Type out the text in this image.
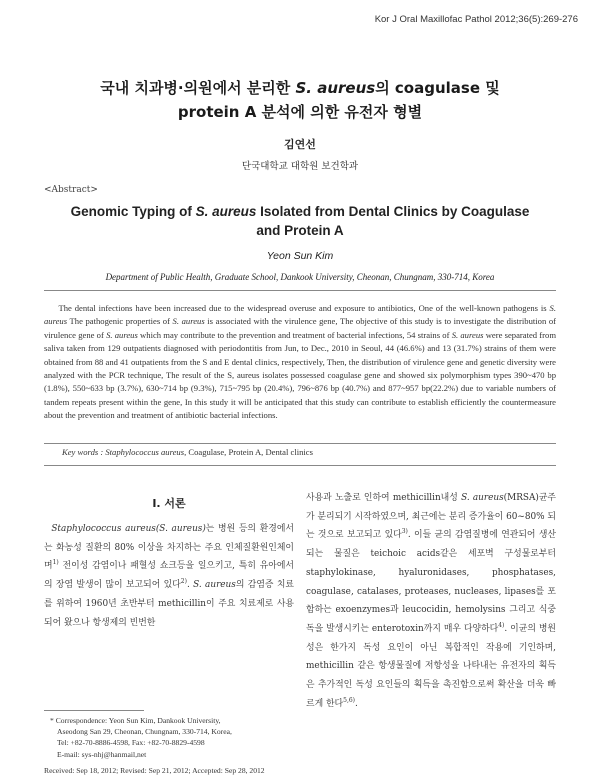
Kor J Oral Maxillofac Pathol 2012;36(5):269-276
국내 치과병·의원에서 분리한 S. aureus의 coagulase 및
protein A 분석에 의한 유전자 형별
김연선
단국대학교 대학원 보건학과
<Abstract>
Genomic Typing of S. aureus Isolated from Dental Clinics by Coagulase
and Protein A
Yeon Sun Kim
Department of Public Health, Graduate School, Dankook University, Cheonan, Chungnam, 330-714, Korea
The dental infections have been increased due to the widespread overuse and exposure to antibiotics, One of the well-known pathogens is S. aureus The pathogenic properties of S. aureus is associated with the virulence gene, The objective of this study is to investigate the distribution of virulence gene of S. aureus which may contribute to the prevention and treatment of bacterial infections, 54 strains of S. aureus were separated from saliva taken from 129 outpatients diagnosed with periodontitis from Jun, to Dec., 2010 in Seoul, 44 (46.6%) and 13 (31.7%) strains of them were obtained from 88 and 41 outpatients from the S and E dental clinics, respectively, Then, the distribution of virulence gene and genetic diversity were analyzed with the PCR technique, The result of the S, aureus isolates possessed coagulase gene and showed six polymorphism types 390~470 bp (1.8%), 550~633 bp (3.7%), 630~714 bp (9.3%), 715~795 bp (20.4%), 796~876 bp (40.7%) and 877~957 bp(22.2%) due to variable numbers of tandem repeats present within the gene, In this study it will be anticipated that this study can contribute to establish efficiently the countermeasure about the prevention and treatment of antibiotic bacterial infections.
Key words : Staphylococcus aureus, Coagulase, Protein A, Dental clinics
Ⅰ. 서론
Staphylococcus aureus(S. aureus)는 병원 등의 환경에서는 화농성 질환의 80% 이상을 차지하는 주요 인체질환원인체이며$^{1)}$ 전이성 감염이나 패혈성 쇼크등을 일으키고, 특히 유아에서의 장염 발생이 많이 보고되어 있다$^{2)}$. S. aureus의 감염증 치료를 위하여 1960년 초반부터 methicillin이 주요 치료제로 사용되어 왔으나 항생제의 빈번한
사용과 노출로 인하여 methicillin내성 S. aureus(MRSA)균주가 분리되기 시작하였으며, 최근에는 분리 증가율이 60~80% 되는 것으로 보고되고 있다$^{3)}$. 이들 균의 감염질병에 연관되어 생산되는 물질은 teichoic acids같은 세포벽 구성물로부터 staphylokinase, hyaluronidases, phosphatases, coagulase, catalases, proteases, nucleases, lipases를 포함하는 exoenzymes과 leucocidin, hemolysins 그리고 식중독을 발생시키는 enterotoxin까지 매우 다양하다$^{4)}$. 이균의 병원성은 한가지 독성 요인이 아닌 복합적인 작용에 기인하며, methicillin 같은 항생물질에 저항성을 나타내는 유전자의 획득은 추가적인 독성 요인들의 획득을 촉진함으로써 확산을 더욱 빠르게 한다$^{5,6)}$.
* Correspondence: Yeon Sun Kim, Dankook University,
Aseodong San 29, Cheonan, Chungnam, 330-714, Korea,
Tel: +82-70-8886-4598, Fax: +82-70-8829-4598
E-mail: sys-nhj@hanmail,net
Received: Sep 18, 2012; Revised: Sep 21, 2012; Accepted: Sep 28, 2012
